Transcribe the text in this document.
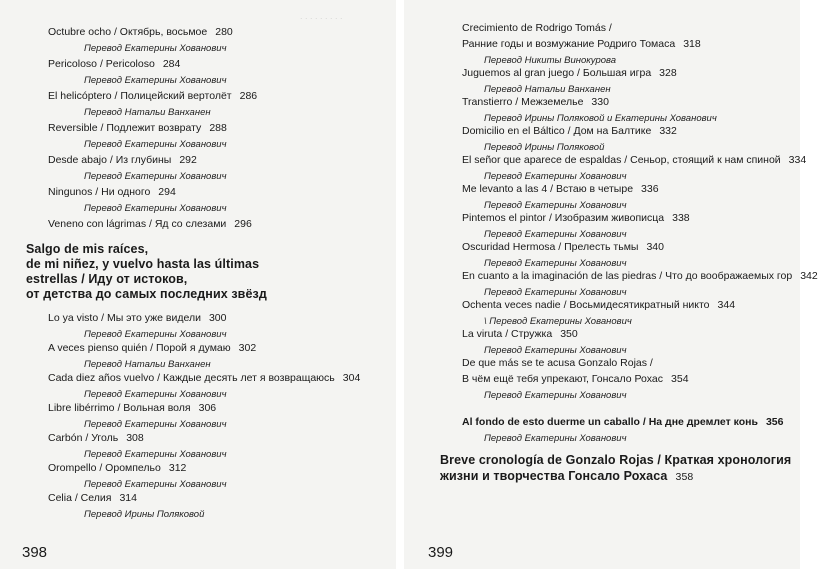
. . . . . . . . .
Octubre ocho / Октябрь, восьмое 280
Перевод Екатерины Хованович
Pericoloso / Pericoloso 284
Перевод Екатерины Хованович
El helicóptero / Полицейский вертолёт 286
Перевод Натальи Ванханен
Reversible / Подлежит возврату 288
Перевод Екатерины Хованович
Desde abajo / Из глубины 292
Перевод Екатерины Хованович
Ningunos / Ни одного 294
Перевод Екатерины Хованович
Veneno con lágrimas / Яд со слезами 296
Salgo de mis raíces,
de mi niñez, y vuelvo hasta las últimas
estrellas / Иду от истоков,
от детства до самых последних звёзд
Lo ya visto / Мы это уже видели 300
Перевод Екатерины Хованович
A veces pienso quién / Порой я думаю 302
Перевод Натальи Ванханен
Cada diez años vuelvo / Каждые десять лет я возвращаюсь 304
Перевод Екатерины Хованович
Libre libérrimo / Вольная воля 306
Перевод Екатерины Хованович
Carbón / Уголь 308
Перевод Екатерины Хованович
Orompello / Оромпельо 312
Перевод Екатерины Хованович
Celia / Селия 314
Перевод Ирины Поляковой
398
Crecimiento de Rodrigo Tomás /
Ранние годы и возмужание Родриго Томаса 318
Перевод Никиты Винокурова
Juguemos al gran juego / Большая игра 328
Перевод Натальи Ванханен
Transtierro / Межземелье 330
Перевод Ирины Поляковой и Екатерины Хованович
Domicilio en el Báltico / Дом на Балтике 332
Перевод Ирины Поляковой
El señor que aparece de espaldas / Сеньор, стоящий к нам спиной 334
Перевод Екатерины Хованович
Me levanto a las 4 / Встаю в четыре 336
Перевод Екатерины Хованович
Pintemos el pintor / Изобразим живописца 338
Перевод Екатерины Хованович
Oscuridad Hermosa / Прелесть тьмы 340
Перевод Екатерины Хованович
En cuanto a la imaginación de las piedras / Что до воображаемых гор 342
Перевод Екатерины Хованович
Ochenta veces nadie / Восьмидесятикратный никто 344
\ Перевод Екатерины Хованович
La viruta / Стружка 350
Перевод Екатерины Хованович
De que más se te acusa Gonzalo Rojas /
В чём ещё тебя упрекают, Гонсало Рохас 354
Перевод Екатерины Хованович
Al fondo de esto duerme un caballo / На дне дремлет конь 356
Перевод Екатерины Хованович
Breve cronología de Gonzalo Rojas / Краткая хронология
жизни и творчества Гонсало Рохаса 358
399
